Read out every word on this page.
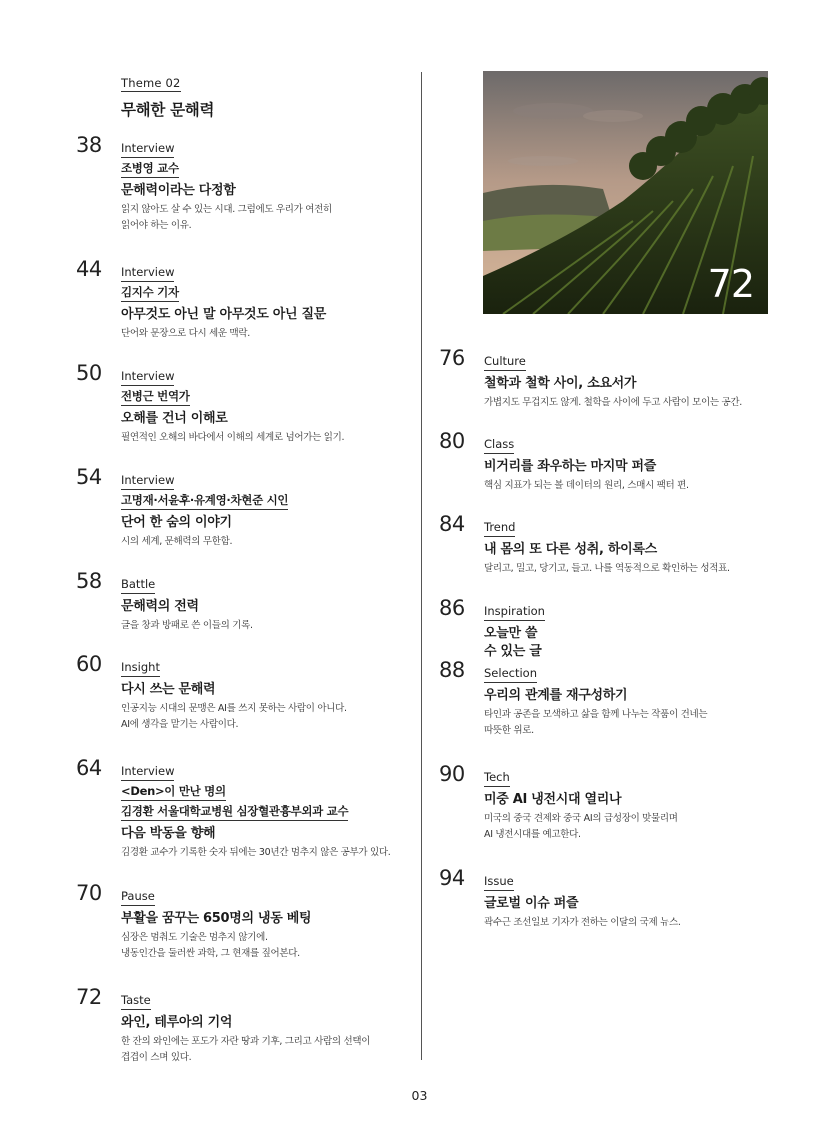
Theme 02
무해한 문해력
38 Interview
조병영 교수
문해력이라는 다정함
읽지 않아도 살 수 있는 시대. 그럼에도 우리가 여전히
읽어야 하는 이유.
44 Interview
김지수 기자
아무것도 아닌 말 아무것도 아닌 질문
단어와 문장으로 다시 세운 맥락.
50 Interview
전병근 번역가
오해를 건너 이해로
필연적인 오해의 바다에서 이해의 세계로 넘어가는 읽기.
54 Interview
고명재·서윤후·유계영·차현준 시인
단어 한 숨의 이야기
시의 세계, 문해력의 무한함.
58 Battle
문해력의 전력
글을 창과 방패로 쓴 이들의 기록.
60 Insight
다시 쓰는 문해력
인공지능 시대의 문맹은 AI를 쓰지 못하는 사람이 아니다.
AI에 생각을 맡기는 사람이다.
64 Interview
<Den>이 만난 명의
김경환 서울대학교병원 심장혈관흉부외과 교수
다음 박동을 향해
김경환 교수가 기록한 숫자 뒤에는 30년간 멈추지 않은 공부가 있다.
70 Pause
부활을 꿈꾸는 650명의 냉동 베팅
심장은 멈춰도 기술은 멈추지 않기에.
냉동인간을 둘러싼 과학, 그 현재를 짚어본다.
72 Taste
와인, 테루아의 기억
한 잔의 와인에는 포도가 자란 땅과 기후, 그리고 사람의 선택이
겹겹이 스며 있다.
72
76 Culture
철학과 철학 사이, 소요서가
가볍지도 무겁지도 않게. 철학을 사이에 두고 사람이 모이는 공간.
80 Class
비거리를 좌우하는 마지막 퍼즐
핵심 지표가 되는 볼 데이터의 원리, 스매시 팩터 편.
84 Trend
내 몸의 또 다른 성취, 하이록스
달리고, 밀고, 당기고, 들고. 나를 역동적으로 확인하는 성적표.
86 Inspiration
오늘만 쓸 수 있는 글
88 Selection
우리의 관계를 재구성하기
타인과 공존을 모색하고 삶을 함께 나누는 작품이 건네는
따뜻한 위로.
90 Tech
미중 AI 냉전시대 열리나
미국의 중국 견제와 중국 AI의 급성장이 맞물리며
AI 냉전시대를 예고한다.
94 Issue
글로벌 이슈 퍼즐
곽수근 조선일보 기자가 전하는 이달의 국제 뉴스.
03
